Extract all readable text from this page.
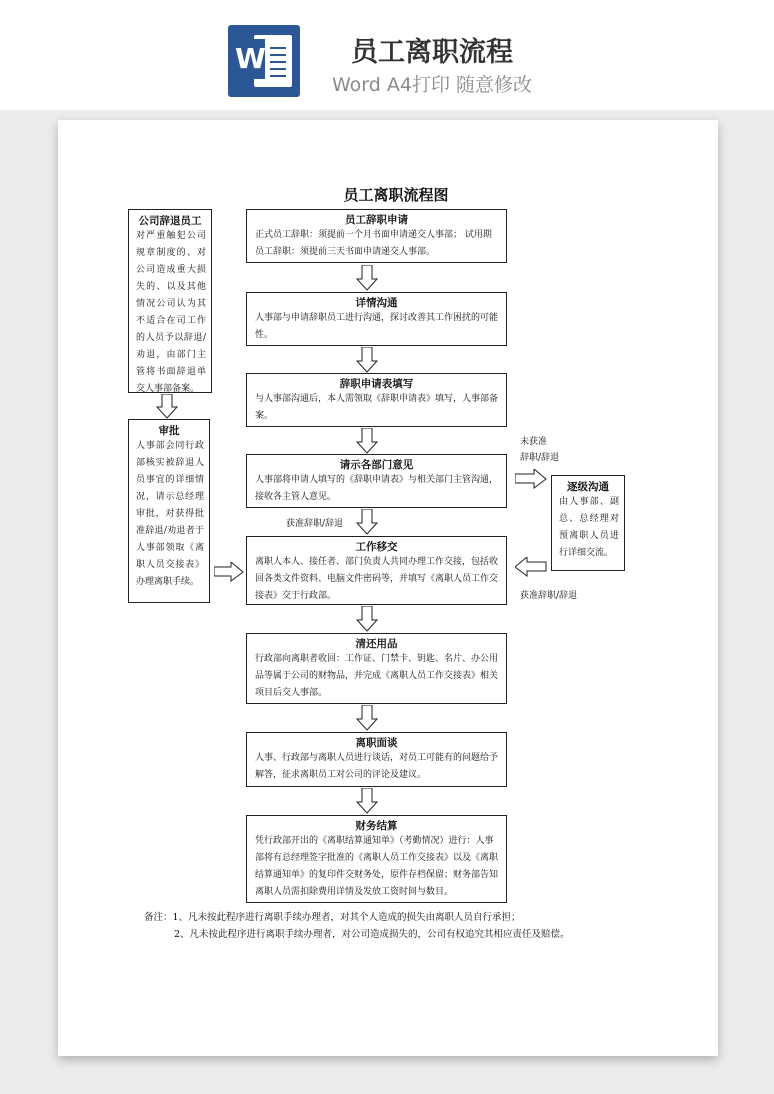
W	员工离职流程
Word A4打印 随意修改
员工离职流程图
公司辞退员工
对严重触犯公司规章制度的、对公司造成重大损失的、以及其他情况公司认为其不适合在司工作的人员予以辞退/劝退，由部门主管将书面辞退单交人事部备案。
审批
人事部会同行政部核实被辞退人员事宜的详细情况，请示总经理审批，对获得批准辞退/劝退者于人事部领取《离职人员交接表》办理离职手续。
逐级沟通
由人事部、副总、总经理对预离职人员进行详细交流。
员工辞职申请
正式员工辞职：须提前一个月书面申请递交人事部； 试用期员工辞职：须提前三天书面申请递交人事部。
详情沟通
人事部与申请辞职员工进行沟通，探讨改善其工作困扰的可能性。
辞职申请表填写
与人事部沟通后，本人需领取《辞职申请表》填写，人事部备案。
请示各部门意见
人事部将申请人填写的《辞职申请表》与相关部门主管沟通，接收各主管人意见。
工作移交
离职人本人、接任者、部门负责人共同办理工作交接，包括收回各类文件资料、电脑文件密码等，并填写《离职人员工作交接表》交于行政部。
清还用品
行政部向离职者收回：工作证、门禁卡、钥匙、名片、办公用品等属于公司的财物品，并完成《离职人员工作交接表》相关项目后交人事部。
离职面谈
人事、行政部与离职人员进行谈话，对员工可能有的问题给予解答，征求离职员工对公司的评论及建议。
财务结算
凭行政部开出的《离职结算通知单》（考勤情况）进行：人事部将有总经理签字批准的《离职人员工作交接表》以及《离职结算通知单》的复印件交财务处，原件存档保留；财务部告知离职人员需扣除费用详情及发放工资时间与数目。
未获准
辞职/辞退
获准辞职/辞退
获准辞职/辞退
备注：1、凡未按此程序进行离职手续办理者，对其个人造成的损失由离职人员自行承担；
2、凡未按此程序进行离职手续办理者，对公司造成损失的，公司有权追究其相应责任及赔偿。
